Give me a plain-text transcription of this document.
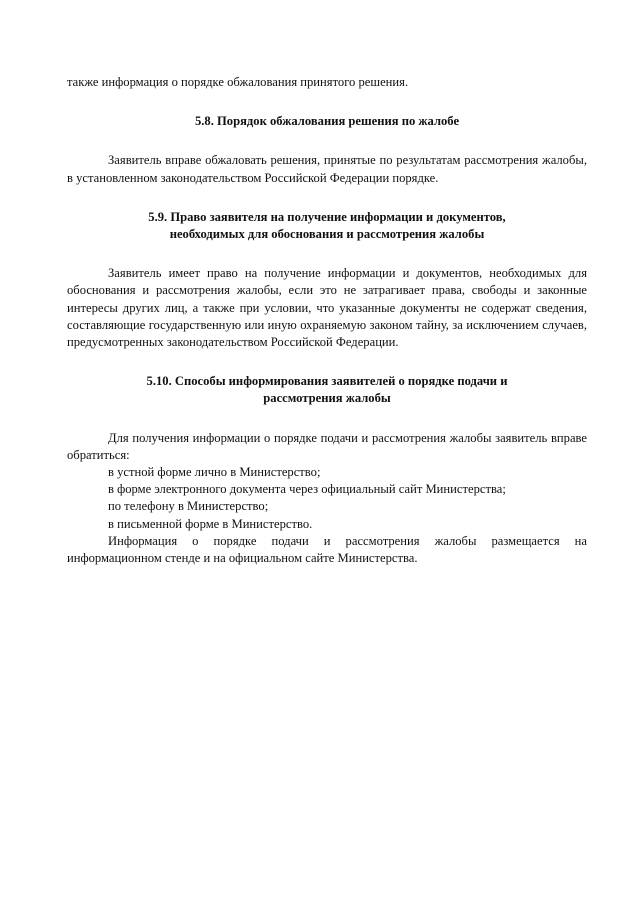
также информация о порядке обжалования принятого решения.

5.8. Порядок обжалования решения по жалобе

Заявитель вправе обжаловать решения, принятые по результатам рассмотрения жалобы, в установленном законодательством Российской Федерации порядке.

5.9. Право заявителя на получение информации и документов,
необходимых для обоснования и рассмотрения жалобы

Заявитель имеет право на получение информации и документов, необходимых для обоснования и рассмотрения жалобы, если это не затрагивает права, свободы и законные интересы других лиц, а также при условии, что указанные документы не содержат сведения, составляющие государственную или иную охраняемую законом тайну, за исключением случаев, предусмотренных законодательством Российской Федерации.

5.10. Способы информирования заявителей о порядке подачи и
рассмотрения жалобы

Для получения информации о порядке подачи и рассмотрения жалобы заявитель вправе обратиться:

в устной форме лично в Министерство;

в форме электронного документа через официальный сайт Министерства;

по телефону в Министерство;

в письменной форме в Министерство.

Информация о порядке подачи и рассмотрения жалобы размещается на информационном стенде и на официальном сайте Министерства.
